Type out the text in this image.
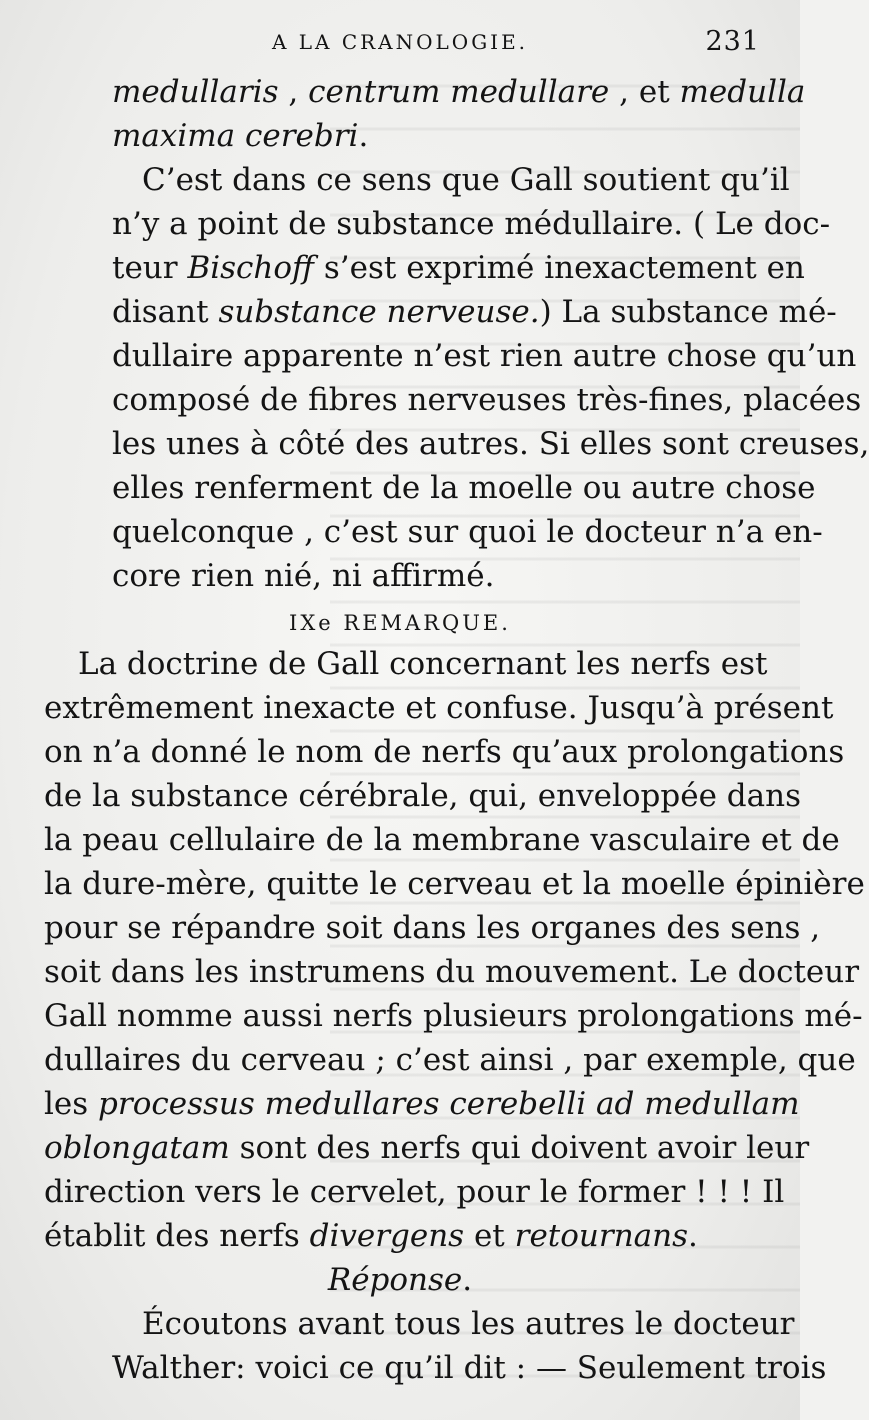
A LA CRANOLOGIE.	231
medullaris , centrum medullare , et medulla
maxima cerebri.
C’est dans ce sens que Gall soutient qu’il
n’y a point de substance médullaire. ( Le doc-
teur Bischoff s’est exprimé inexactement en
disant substance nerveuse.) La substance mé-
dullaire apparente n’est rien autre chose qu’un
composé de fibres nerveuses très-fines, placées
les unes à côté des autres. Si elles sont creuses,
elles renferment de la moelle ou autre chose
quelconque , c’est sur quoi le docteur n’a en-
core rien nié, ni affirmé.
IXe REMARQUE.
La doctrine de Gall concernant les nerfs est
extrêmement inexacte et confuse. Jusqu’à présent
on n’a donné le nom de nerfs qu’aux prolongations
de la substance cérébrale, qui, enveloppée dans
la peau cellulaire de la membrane vasculaire et de
la dure-mère, quitte le cerveau et la moelle épinière
pour se répandre soit dans les organes des sens ,
soit dans les instrumens du mouvement. Le docteur
Gall nomme aussi nerfs plusieurs prolongations mé-
dullaires du cerveau ; c’est ainsi , par exemple, que
les processus medullares cerebelli ad medullam
oblongatam sont des nerfs qui doivent avoir leur
direction vers le cervelet, pour le former ! ! ! Il
établit des nerfs divergens et retournans.
Réponse.
Écoutons avant tous les autres le docteur
Walther: voici ce qu’il dit : — Seulement trois
